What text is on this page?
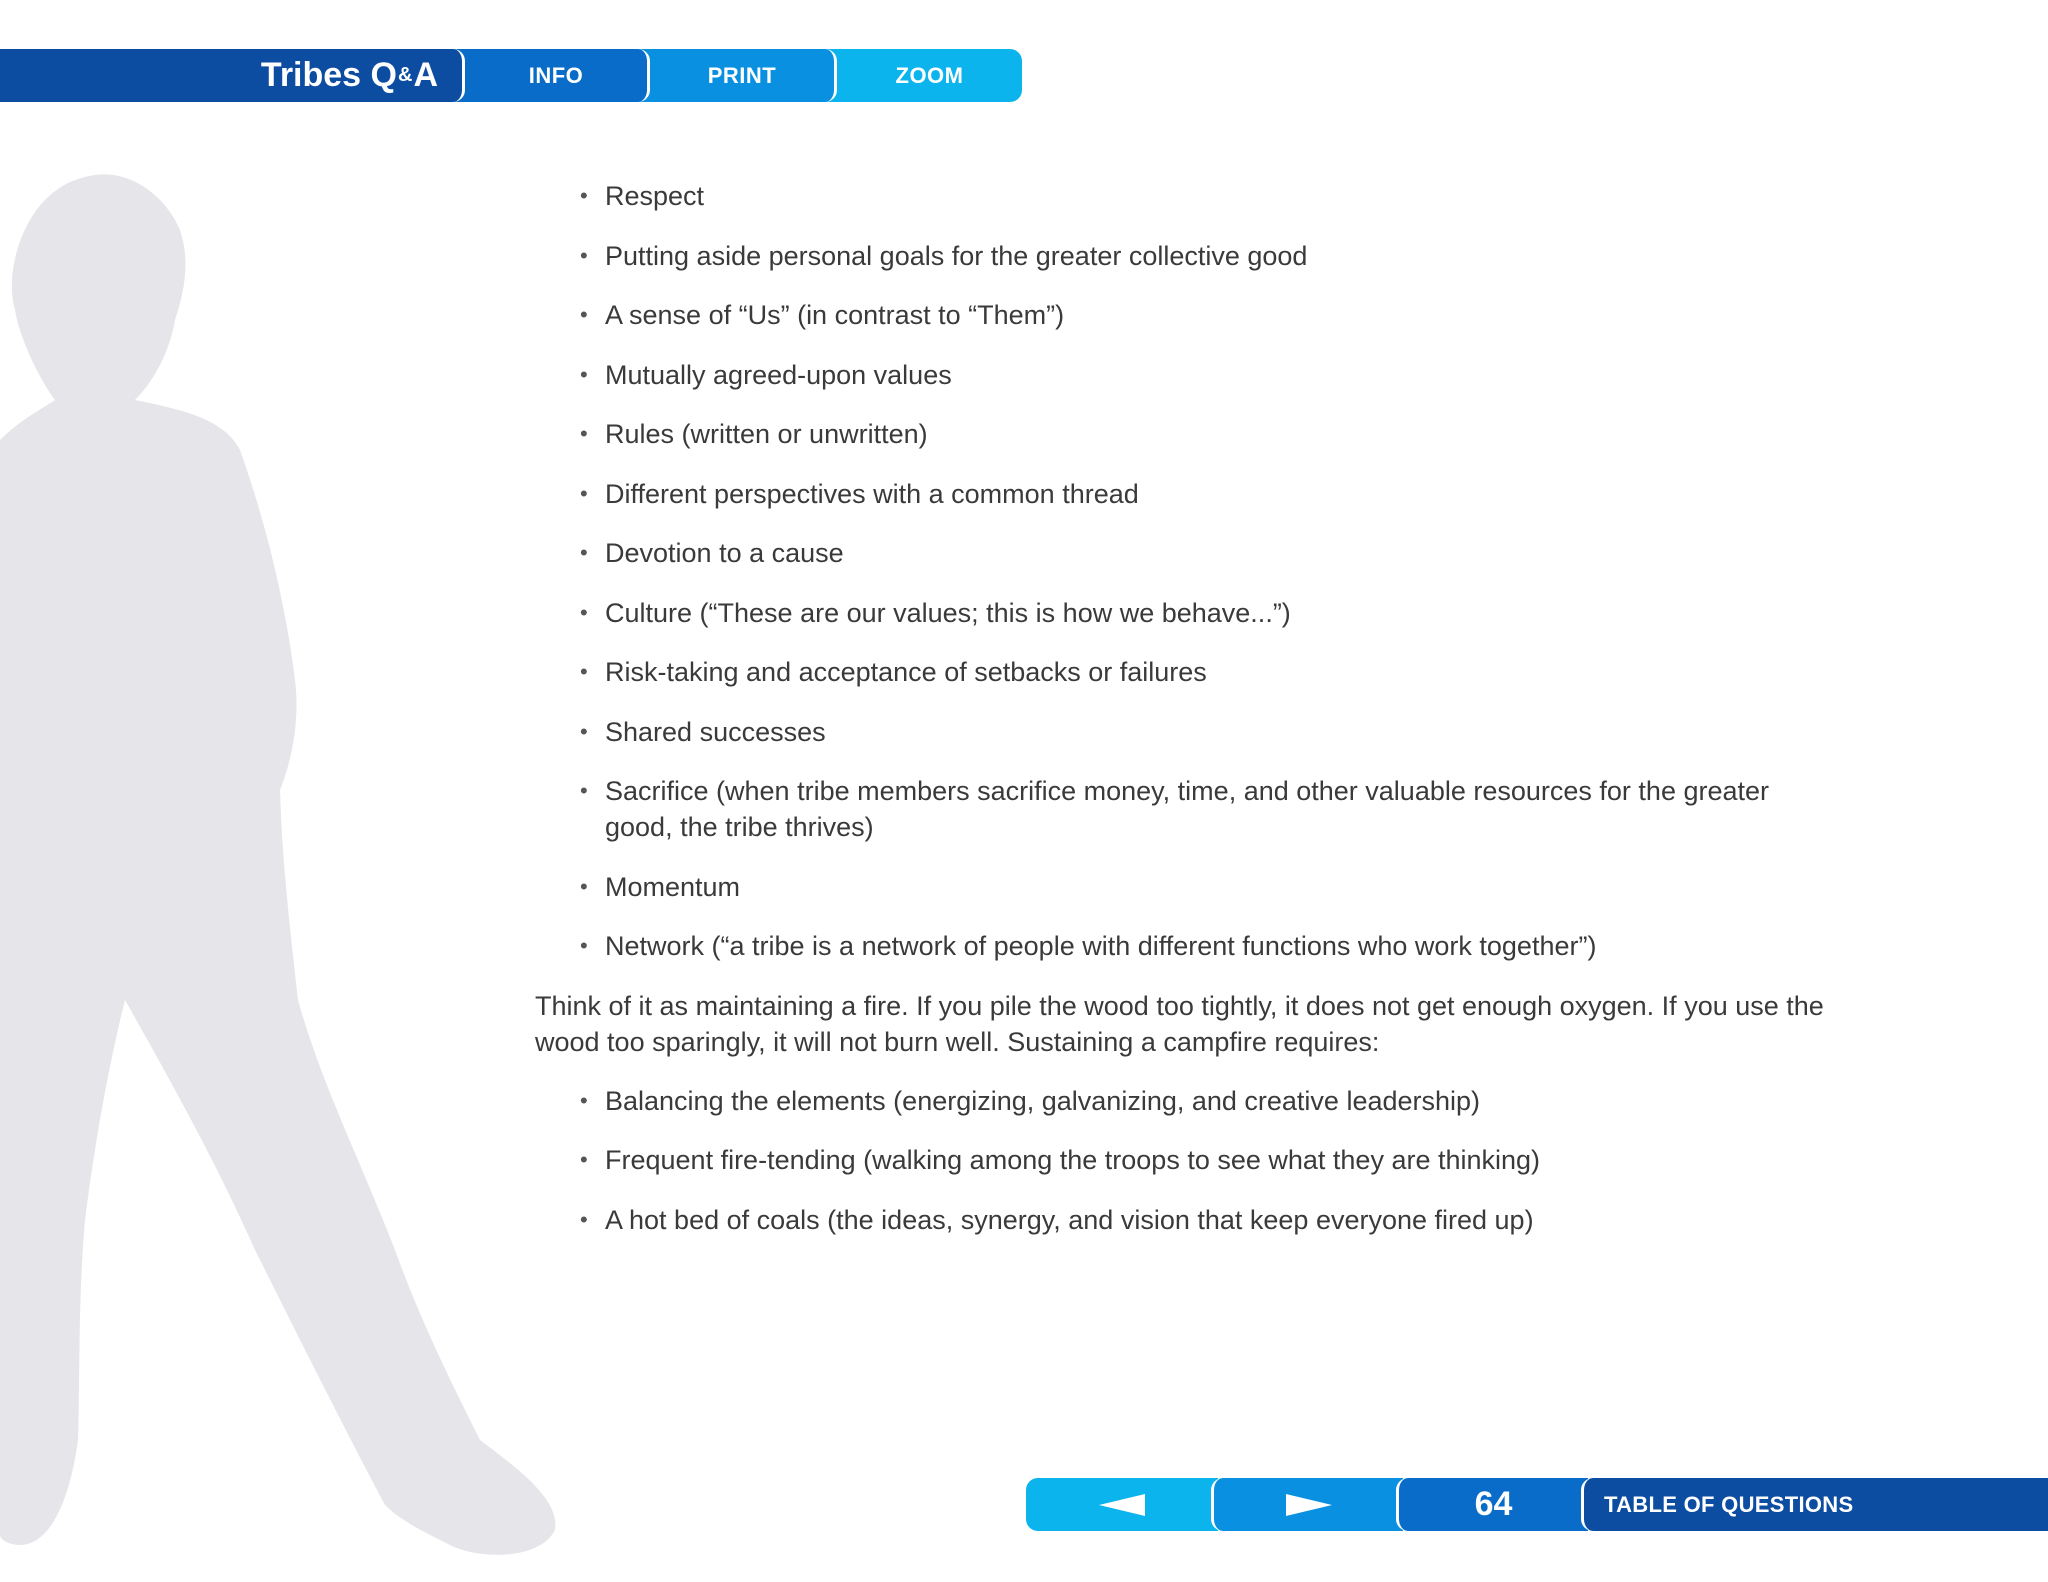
Tribes Q & A	INFO	PRINT	ZOOM
• Respect
• Putting aside personal goals for the greater collective good
• A sense of “Us” (in contrast to “Them”)
• Mutually agreed-upon values
• Rules (written or unwritten)
• Different perspectives with a common thread
• Devotion to a cause
• Culture (“These are our values; this is how we behave...”)
• Risk-taking and acceptance of setbacks or failures
• Shared successes
• Sacrifice (when tribe members sacrifice money, time, and other valuable resources for the greater good, the tribe thrives)
• Momentum
• Network (“a tribe is a network of people with different functions who work together”)

Think of it as maintaining a fire. If you pile the wood too tightly, it does not get enough oxygen. If you use the wood too sparingly, it will not burn well. Sustaining a campfire requires:

• Balancing the elements (energizing, galvanizing, and creative leadership)
• Frequent fire-tending (walking among the troops to see what they are thinking)
• A hot bed of coals (the ideas, synergy, and vision that keep everyone fired up)
64	TABLE OF QUESTIONS
